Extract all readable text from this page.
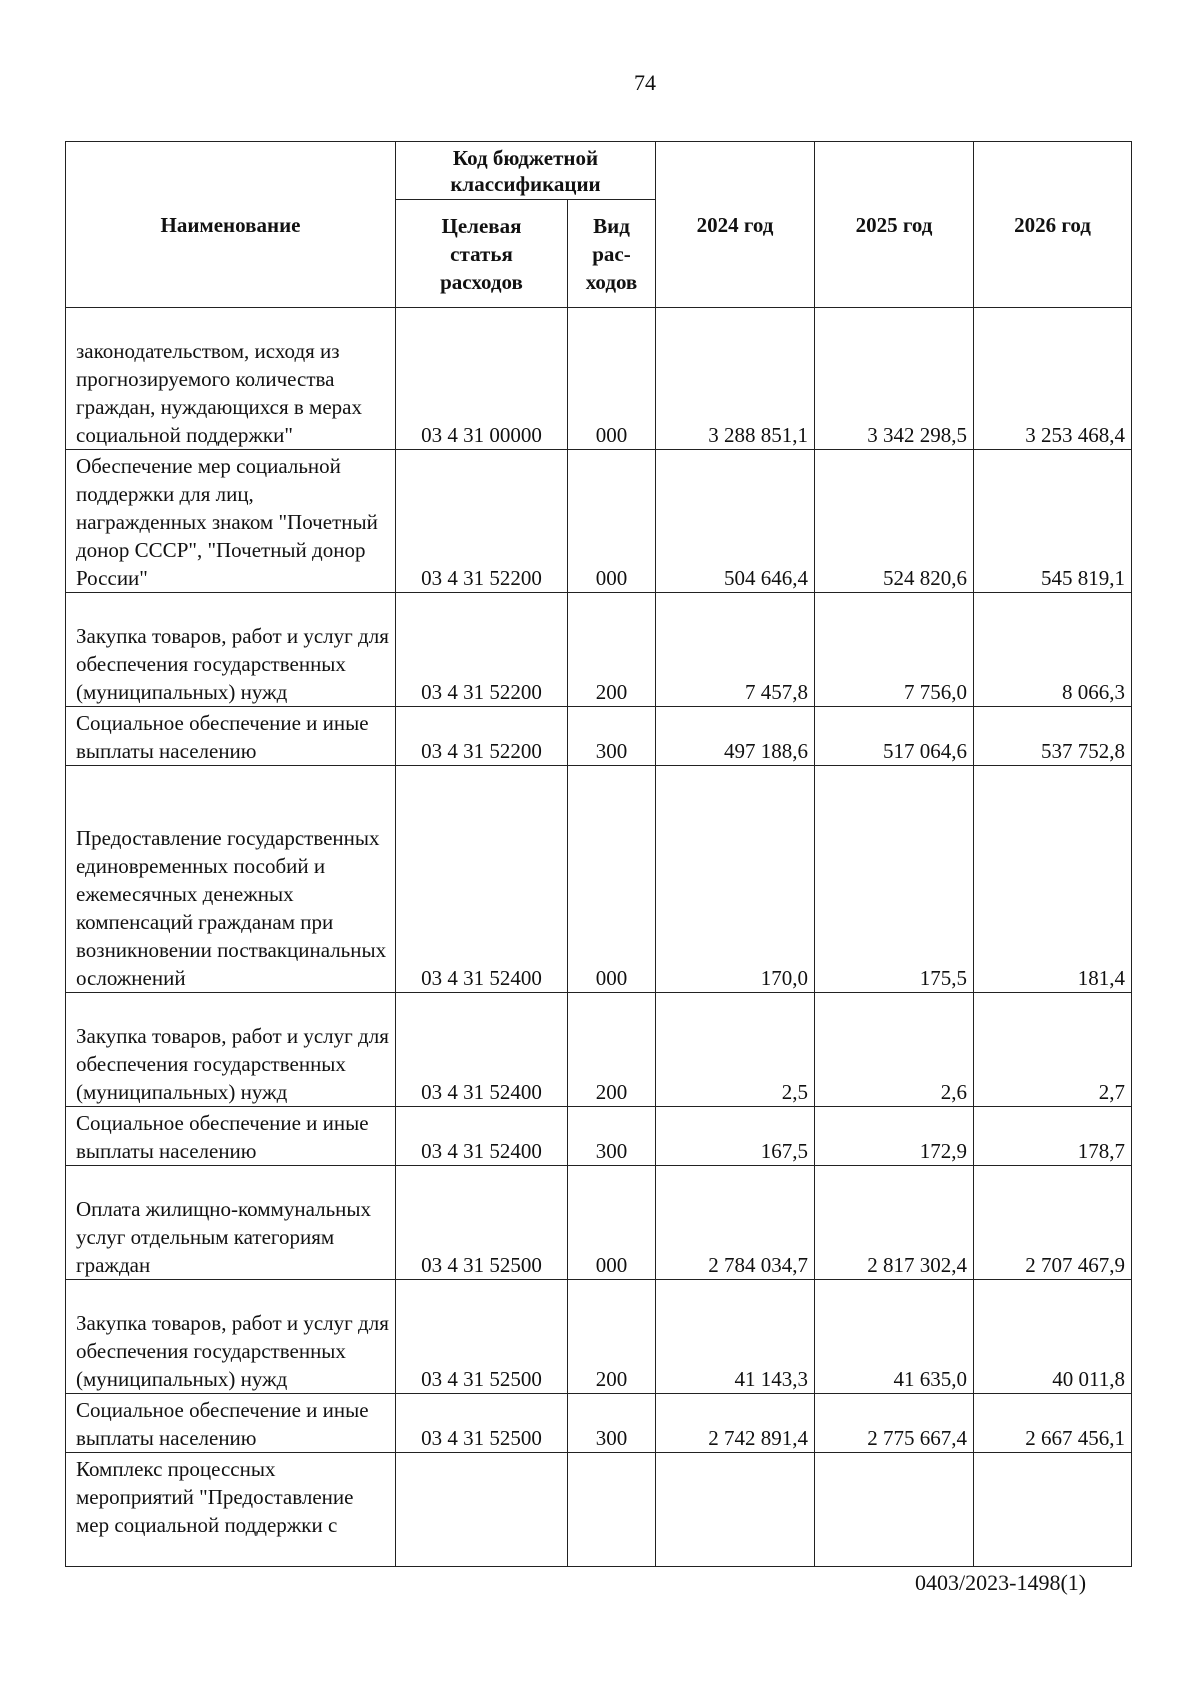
74
Наименование	Код бюджетной классификации		2024 год	2025 год	2026 год
	Целевая статья расходов	Вид рас-ходов			
законодательством, исходя из прогнозируемого количества граждан, нуждающихся в мерах социальной поддержки"	03 4 31 00000	000	3 288 851,1	3 342 298,5	3 253 468,4
Обеспечение мер социальной поддержки для лиц, награжденных знаком "Почетный донор СССР", "Почетный донор России"	03 4 31 52200	000	504 646,4	524 820,6	545 819,1
Закупка товаров, работ и услуг для обеспечения государственных (муниципальных) нужд	03 4 31 52200	200	7 457,8	7 756,0	8 066,3
Социальное обеспечение и иные выплаты населению	03 4 31 52200	300	497 188,6	517 064,6	537 752,8
Предоставление государственных единовременных пособий и ежемесячных денежных компенсаций гражданам при возникновении поствакцинальных осложнений	03 4 31 52400	000	170,0	175,5	181,4
Закупка товаров, работ и услуг для обеспечения государственных (муниципальных) нужд	03 4 31 52400	200	2,5	2,6	2,7
Социальное обеспечение и иные выплаты населению	03 4 31 52400	300	167,5	172,9	178,7
Оплата жилищно-коммунальных услуг отдельным категориям граждан	03 4 31 52500	000	2 784 034,7	2 817 302,4	2 707 467,9
Закупка товаров, работ и услуг для обеспечения государственных (муниципальных) нужд	03 4 31 52500	200	41 143,3	41 635,0	40 011,8
Социальное обеспечение и иные выплаты населению	03 4 31 52500	300	2 742 891,4	2 775 667,4	2 667 456,1
Комплекс процессных мероприятий "Предоставление мер социальной поддержки с					
0403/2023-1498(1)
